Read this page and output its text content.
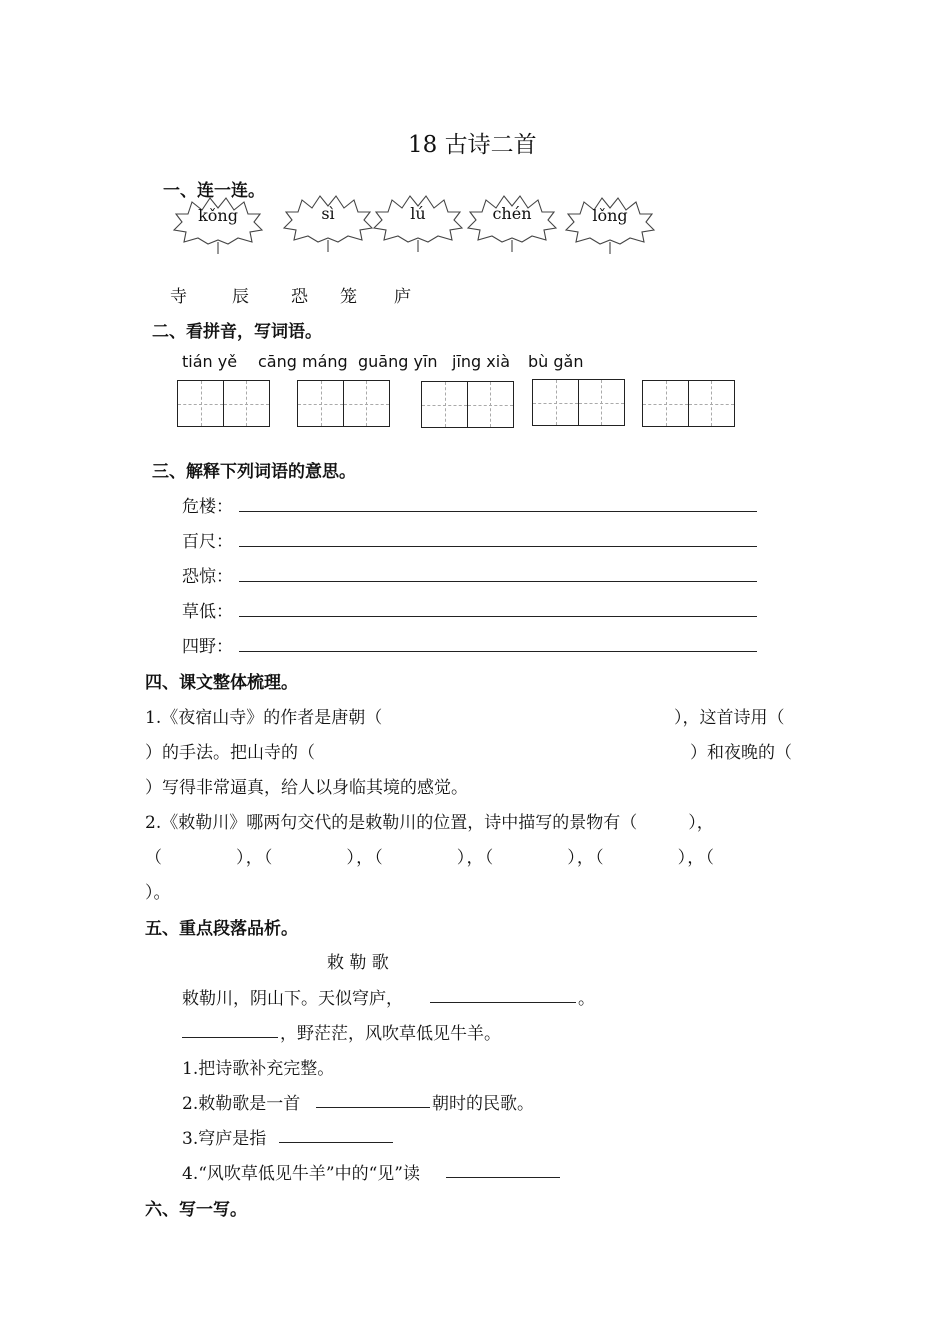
18 古诗二首
一、连一连。
kǒng	sì	lú	chén	lǒng
寺	辰 恐 笼 庐
二、看拼音，写词语。
tián yě cāng máng guāng yīn jīng xià bù gǎn
三、解释下列词语的意思。
危楼：
百尺：
恐惊：
草低：
四野：
四、课文整体梳理。
1.《夜宿山寺》的作者是唐朝（	），这首诗用（
）的手法。把山寺的（	）和夜晚的（
）写得非常逼真，给人以身临其境的感觉。
2.《敕勒川》哪两句交代的是敕勒川的位置，诗中描写的景物有（　　　），
（　　　　），（　　　　），（　　　　），（　　　　），（　　　　），（
）。
五、重点段落品析。
敕 勒 歌
敕勒川，阴山下。天似穹庐，	。
，野茫茫，风吹草低见牛羊。
1.把诗歌补充完整。
2.敕勒歌是一首	朝时的民歌。
3.穹庐是指
4.“风吹草低见牛羊”中的“见”读
六、写一写。
